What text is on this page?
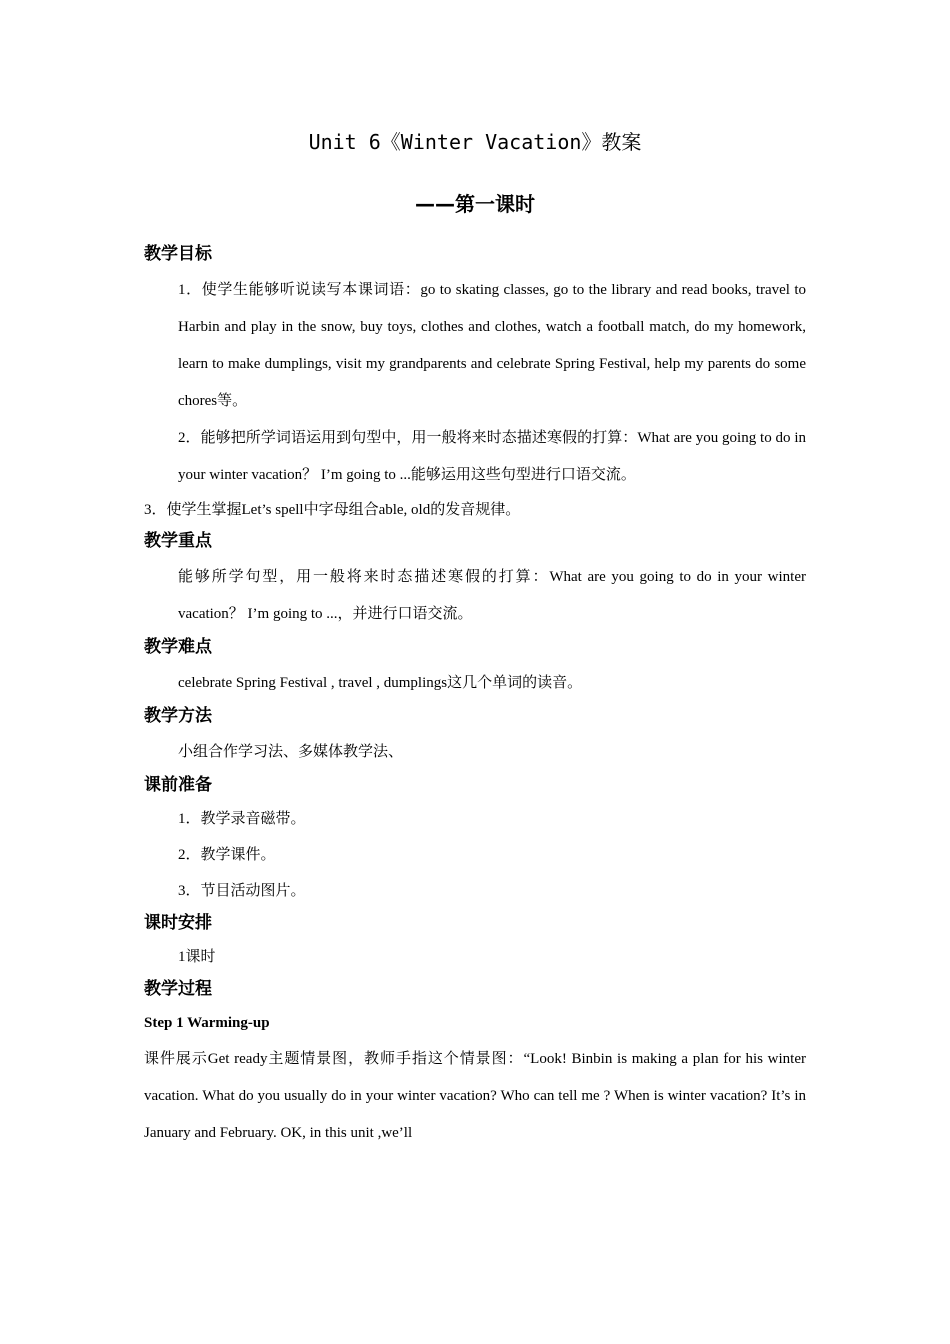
Unit 6《Winter Vacation》教案
——第一课时
教学目标

1．使学生能够听说读写本课词语：go to skating classes, go to the library and read books, travel to Harbin and play in the snow, buy toys, clothes and clothes, watch a football match, do my homework, learn to make dumplings, visit my grandparents and celebrate Spring Festival, help my parents do some chores等。

2．能够把所学词语运用到句型中，用一般将来时态描述寒假的打算：What are you going to do in your winter vacation？ I’m going to ...能够运用这些句型进行口语交流。

3．使学生掌握Let’s spell中字母组合able, old的发音规律。

教学重点

能够所学句型，用一般将来时态描述寒假的打算：What are you going to do in your winter vacation？ I’m going to ...，并进行口语交流。

教学难点

celebrate Spring Festival , travel , dumplings这几个单词的读音。

教学方法

小组合作学习法、多媒体教学法、

课前准备

1．教学录音磁带。

2．教学课件。

3．节目活动图片。

课时安排

1课时

教学过程

Step 1 Warming-up

课件展示Get ready主题情景图，教师手指这个情景图：“Look! Binbin is making a plan for his winter vacation. What do you usually do in your winter vacation? Who can tell me ? When is winter vacation? It’s in January and February. OK, in this unit ,we’ll
